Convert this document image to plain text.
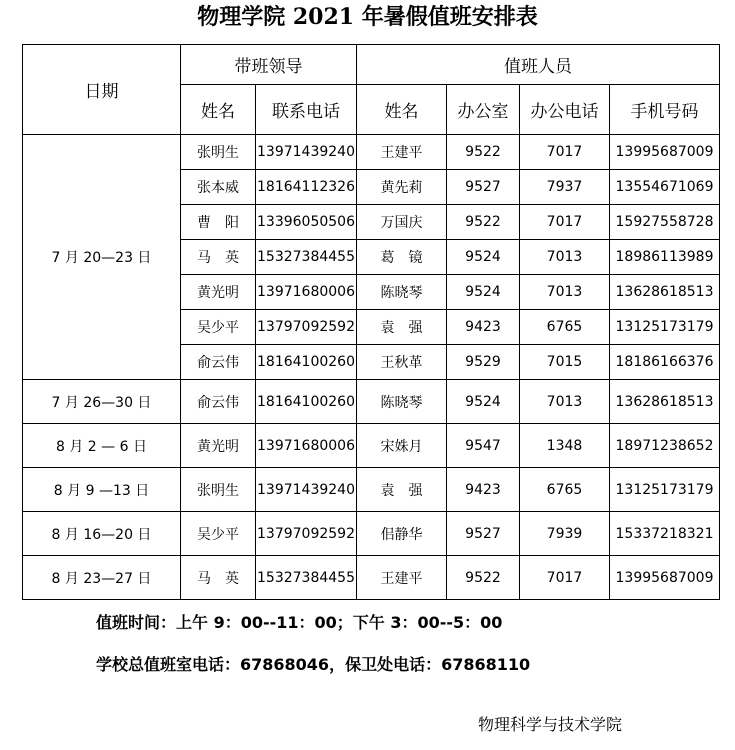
物理学院 2021 年暑假值班安排表
日期	带班领导		值班人员			
	姓名	联系电话	姓名	办公室	办公电话	手机号码
7 月 20—23 日	张明生	13971439240	王建平	9522	7017	13995687009
	张本威	18164112326	黄先莉	9527	7937	13554671069
	曹　阳	13396050506	万国庆	9522	7017	15927558728
	马　英	15327384455	葛　镜	9524	7013	18986113989
	黄光明	13971680006	陈晓琴	9524	7013	13628618513
	吴少平	13797092592	袁　强	9423	6765	13125173179
	俞云伟	18164100260	王秋革	9529	7015	18186166376
7 月 26—30 日	俞云伟	18164100260	陈晓琴	9524	7013	13628618513
8 月 2 — 6 日	黄光明	13971680006	宋姝月	9547	1348	18971238652
8 月 9 —13 日	张明生	13971439240	袁　强	9423	6765	13125173179
8 月 16—20 日	吴少平	13797092592	佀静华	9527	7939	15337218321
8 月 23—27 日	马　英	15327384455	王建平	9522	7017	13995687009
值班时间：上午 9：00--11：00；下午 3：00--5：00
学校总值班室电话：67868046，保卫处电话：67868110
物理科学与技术学院
